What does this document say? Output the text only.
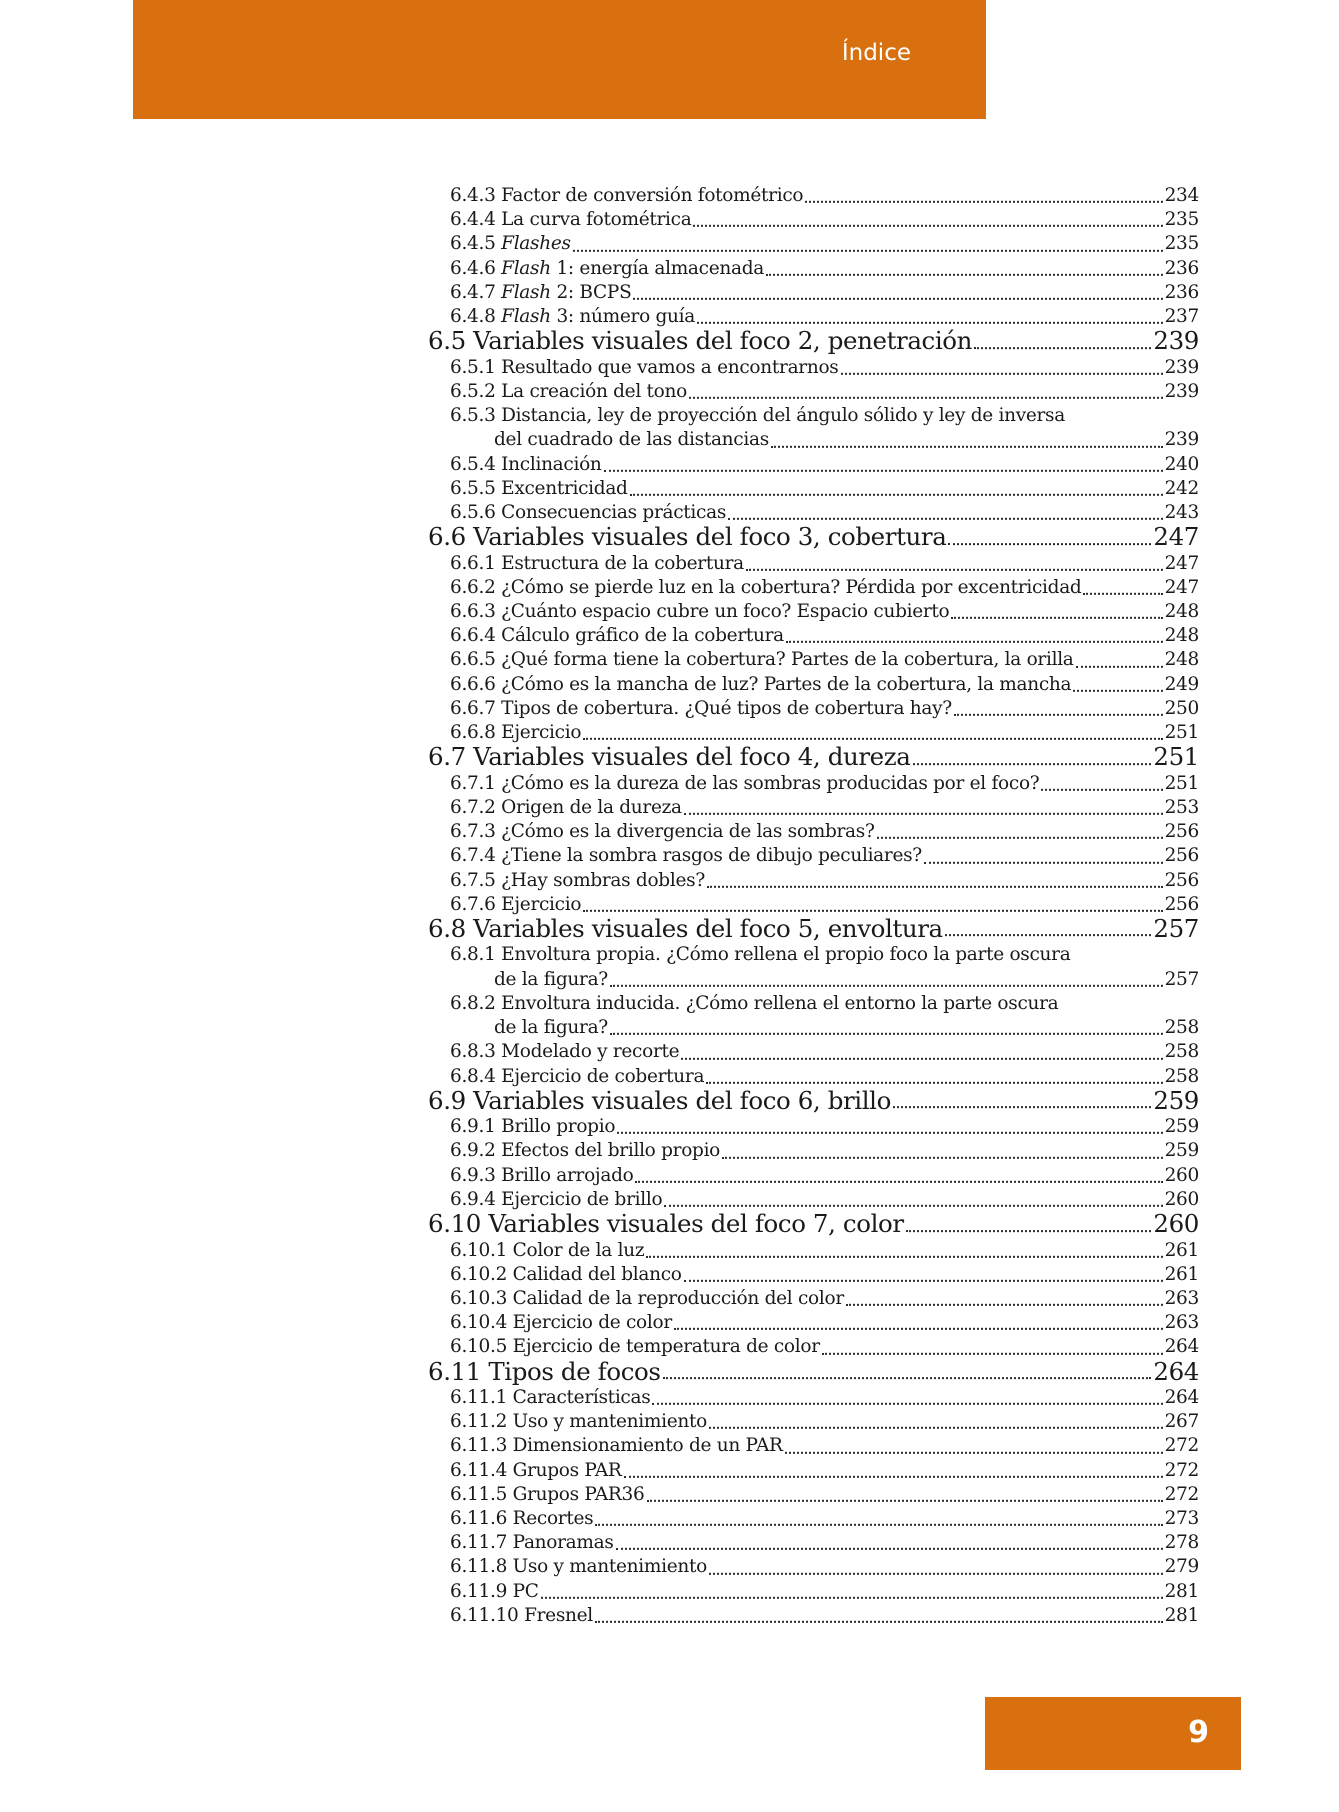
Índice
6.4.3 Factor de conversión fotométrico	234
6.4.4 La curva fotométrica	235
6.4.5 Flashes	235
6.4.6 Flash 1: energía almacenada	236
6.4.7 Flash 2: BCPS	236
6.4.8 Flash 3: número guía	237
6.5 Variables visuales del foco 2, penetración	239
6.5.1 Resultado que vamos a encontrarnos	239
6.5.2 La creación del tono	239
6.5.3 Distancia, ley de proyección del ángulo sólido y ley de inversa
del cuadrado de las distancias	239
6.5.4 Inclinación	240
6.5.5 Excentricidad	242
6.5.6 Consecuencias prácticas	243
6.6 Variables visuales del foco 3, cobertura	247
6.6.1 Estructura de la cobertura	247
6.6.2 ¿Cómo se pierde luz en la cobertura? Pérdida por excentricidad	247
6.6.3 ¿Cuánto espacio cubre un foco? Espacio cubierto	248
6.6.4 Cálculo gráfico de la cobertura	248
6.6.5 ¿Qué forma tiene la cobertura? Partes de la cobertura, la orilla	248
6.6.6 ¿Cómo es la mancha de luz? Partes de la cobertura, la mancha	249
6.6.7 Tipos de cobertura. ¿Qué tipos de cobertura hay?	250
6.6.8 Ejercicio	251
6.7 Variables visuales del foco 4, dureza	251
6.7.1 ¿Cómo es la dureza de las sombras producidas por el foco?	251
6.7.2 Origen de la dureza	253
6.7.3 ¿Cómo es la divergencia de las sombras?	256
6.7.4 ¿Tiene la sombra rasgos de dibujo peculiares?	256
6.7.5 ¿Hay sombras dobles?	256
6.7.6 Ejercicio	256
6.8 Variables visuales del foco 5, envoltura	257
6.8.1 Envoltura propia. ¿Cómo rellena el propio foco la parte oscura
de la figura?	257
6.8.2 Envoltura inducida. ¿Cómo rellena el entorno la parte oscura
de la figura?	258
6.8.3 Modelado y recorte	258
6.8.4 Ejercicio de cobertura	258
6.9 Variables visuales del foco 6, brillo	259
6.9.1 Brillo propio	259
6.9.2 Efectos del brillo propio	259
6.9.3 Brillo arrojado	260
6.9.4 Ejercicio de brillo	260
6.10 Variables visuales del foco 7, color	260
6.10.1 Color de la luz	261
6.10.2 Calidad del blanco	261
6.10.3 Calidad de la reproducción del color	263
6.10.4 Ejercicio de color	263
6.10.5 Ejercicio de temperatura de color	264
6.11 Tipos de focos	264
6.11.1 Características	264
6.11.2 Uso y mantenimiento	267
6.11.3 Dimensionamiento de un PAR	272
6.11.4 Grupos PAR	272
6.11.5 Grupos PAR36	272
6.11.6 Recortes	273
6.11.7 Panoramas	278
6.11.8 Uso y mantenimiento	279
6.11.9 PC	281
6.11.10 Fresnel	281
9
